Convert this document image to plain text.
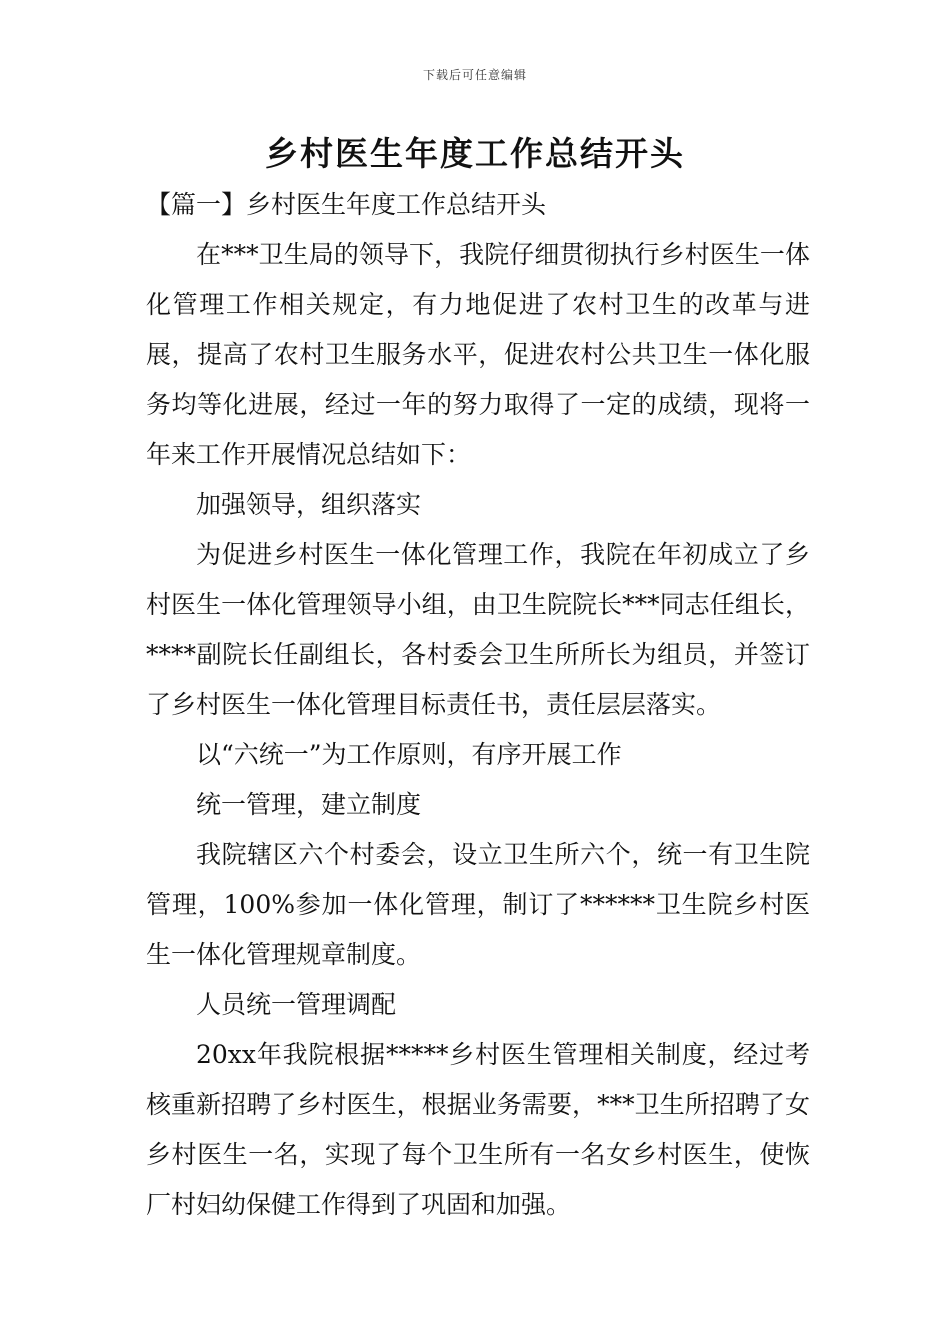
下载后可任意编辑
乡村医生年度工作总结开头

【篇一】乡村医生年度工作总结开头

在***卫生局的领导下，我院仔细贯彻执行乡村医生一体化管理工作相关规定，有力地促进了农村卫生的改革与进展，提高了农村卫生服务水平，促进农村公共卫生一体化服务均等化进展，经过一年的努力取得了一定的成绩，现将一年来工作开展情况总结如下：

加强领导，组织落实

为促进乡村医生一体化管理工作，我院在年初成立了乡村医生一体化管理领导小组，由卫生院院长***同志任组长，****副院长任副组长，各村委会卫生所所长为组员，并签订了乡村医生一体化管理目标责任书，责任层层落实。

以“六统一”为工作原则，有序开展工作

统一管理，建立制度

我院辖区六个村委会，设立卫生所六个，统一有卫生院管理，100%参加一体化管理，制订了******卫生院乡村医生一体化管理规章制度。

人员统一管理调配

20xx年我院根据*****乡村医生管理相关制度，经过考核重新招聘了乡村医生，根据业务需要，***卫生所招聘了女乡村医生一名，实现了每个卫生所有一名女乡村医生，使恢厂村妇幼保健工作得到了巩固和加强。
